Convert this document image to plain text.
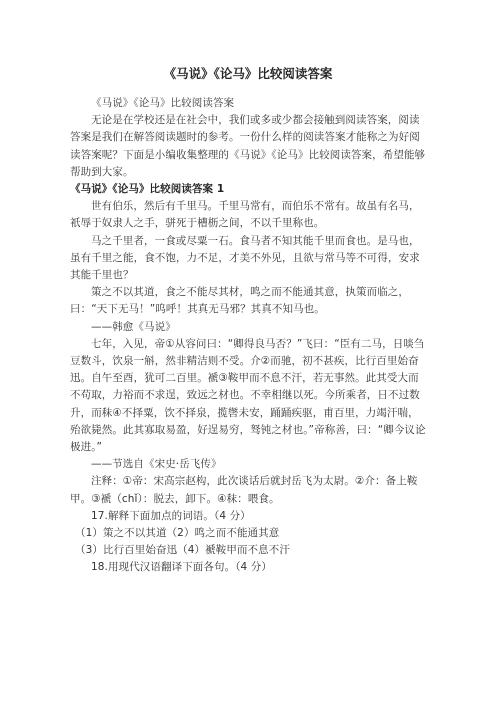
《马说》《论马》比较阅读答案

《马说》《论马》比较阅读答案

无论是在学校还是在社会中，我们或多或少都会接触到阅读答案，阅读答案是我们在解答阅读题时的参考。一份什么样的阅读答案才能称之为好阅读答案呢？下面是小编收集整理的《马说》《论马》比较阅读答案，希望能够帮助到大家。

《马说》《论马》比较阅读答案 1

世有伯乐，然后有千里马。千里马常有，而伯乐不常有。故虽有名马，祇辱于奴隶人之手，骈死于槽枥之间，不以千里称也。

马之千里者，一食或尽粟一石。食马者不知其能千里而食也。是马也，虽有千里之能，食不饱，力不足，才美不外见，且欲与常马等不可得，安求其能千里也？

策之不以其道，食之不能尽其材，鸣之而不能通其意，执策而临之，曰：“天下无马！”呜呼！其真无马邪？其真不知马也。

——韩愈《马说》

七年，入见，帝①从容问曰：“卿得良马否？”飞曰：“臣有二马，日啖刍豆数斗，饮泉一斛，然非精洁则不受。介②而驰，初不甚疾，比行百里始奋迅。自午至酉，犹可二百里。褫③鞍甲而不息不汗，若无事然。此其受大而不苟取，力裕而不求逞，致远之材也。不幸相继以死。今所乘者，日不过数升，而秣④不择粟，饮不择泉，揽辔未安，踊踊疾驱，甫百里，力竭汗喘，殆欲毙然。此其寡取易盈，好逞易穷，驽钝之材也。”帝称善，曰：“卿今议论极进。”

——节选自《宋史·岳飞传》

注释：①帝：宋高宗赵构，此次谈话后就封岳飞为太尉。②介：备上鞍甲。③褫（chǐ）：脱去，卸下。④秣：喂食。

17.解释下面加点的词语。（4 分）

（1）策之不以其道（2）鸣之而不能通其意

（3）比行百里始奋迅（4）褫鞍甲而不息不汗

18.用现代汉语翻译下面各句。（4 分）
